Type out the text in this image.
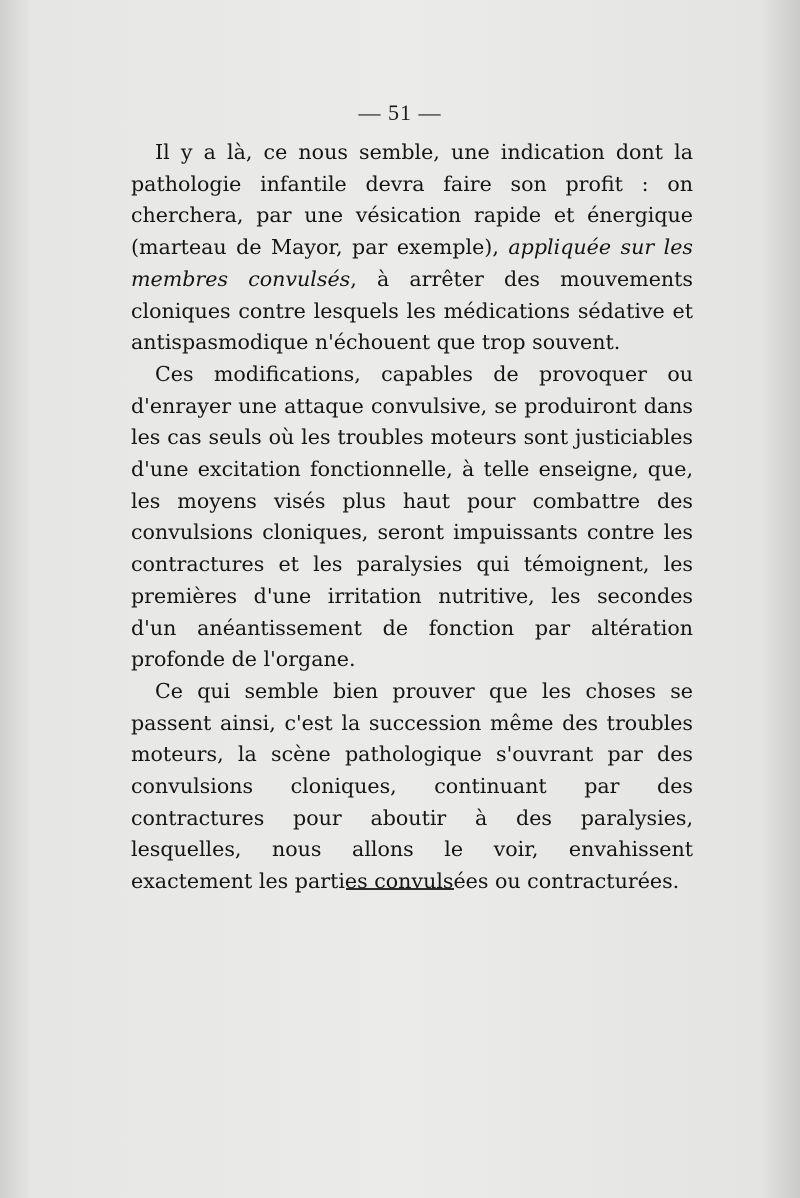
— 51 —

Il y a là, ce nous semble, une indication dont la pathologie infantile devra faire son profit : on cherchera, par une vésication rapide et énergique (marteau de Mayor, par exemple), appliquée sur les membres convulsés, à arrêter des mouvements cloniques contre lesquels les médications sédative et antispasmodique n'échouent que trop souvent.

Ces modifications, capables de provoquer ou d'enrayer une attaque convulsive, se produiront dans les cas seuls où les troubles moteurs sont justiciables d'une excitation fonctionnelle, à telle enseigne, que, les moyens visés plus haut pour combattre des convulsions cloniques, seront impuissants contre les contractures et les paralysies qui témoignent, les premières d'une irritation nutritive, les secondes d'un anéantissement de fonction par altération profonde de l'organe.

Ce qui semble bien prouver que les choses se passent ainsi, c'est la succession même des troubles moteurs, la scène pathologique s'ouvrant par des convulsions cloniques, continuant par des contractures pour aboutir à des paralysies, lesquelles, nous allons le voir, envahissent exactement les parties convulsées ou contracturées.
